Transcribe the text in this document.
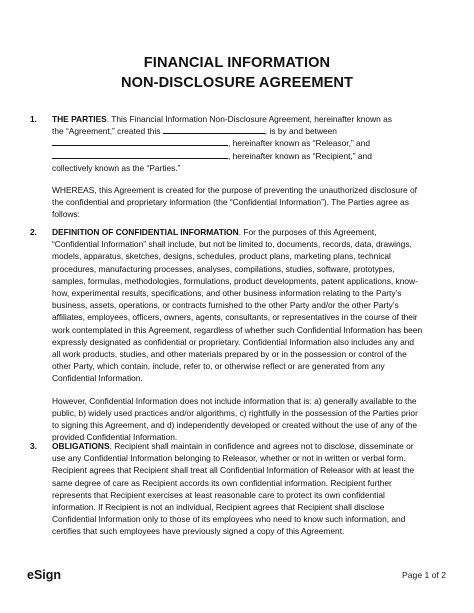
FINANCIAL INFORMATION
NON-DISCLOSURE AGREEMENT
1. THE PARTIES. This Financial Information Non-Disclosure Agreement, hereinafter known as
the “Agreement,” created this	, is by and between
, hereinafter known as “Releasor,” and
, hereinafter known as “Recipient,” and
collectively known as the “Parties.”
WHEREAS, this Agreement is created for the purpose of preventing the unauthorized disclosure of the confidential and proprietary information (the “Confidential Information”). The Parties agree as follows:
2. DEFINITION OF CONFIDENTIAL INFORMATION. For the purposes of this Agreement, “Confidential Information” shall include, but not be limited to, documents, records, data, drawings, models, apparatus, sketches, designs, schedules, product plans, marketing plans, technical procedures, manufacturing processes, analyses, compilations, studies, software, prototypes, samples, formulas, methodologies, formulations, product developments, patent applications, know-how, experimental results, specifications, and other business information relating to the Party’s business, assets, operations, or contracts furnished to the other Party and/or the other Party’s affiliates, employees, officers, owners, agents, consultants, or representatives in the course of their work contemplated in this Agreement, regardless of whether such Confidential Information has been expressly designated as confidential or proprietary. Confidential Information also includes any and all work products, studies, and other materials prepared by or in the possession or control of the other Party, which contain, include, refer to, or otherwise reflect or are generated from any Confidential Information.
However, Confidential Information does not include information that is: a) generally available to the public, b) widely used practices and/or algorithms, c) rightfully in the possession of the Parties prior to signing this Agreement, and d) independently developed or created without the use of any of the provided Confidential Information.
3. OBLIGATIONS. Recipient shall maintain in confidence and agrees not to disclose, disseminate or use any Confidential Information belonging to Releasor, whether or not in written or verbal form. Recipient agrees that Recipient shall treat all Confidential Information of Releasor with at least the same degree of care as Recipient accords its own confidential information. Recipient further represents that Recipient exercises at least reasonable care to protect its own confidential information. If Recipient is not an individual, Recipient agrees that Recipient shall disclose Confidential Information only to those of its employees who need to know such information, and certifies that such employees have previously signed a copy of this Agreement.
eSign	Page 1 of 2
